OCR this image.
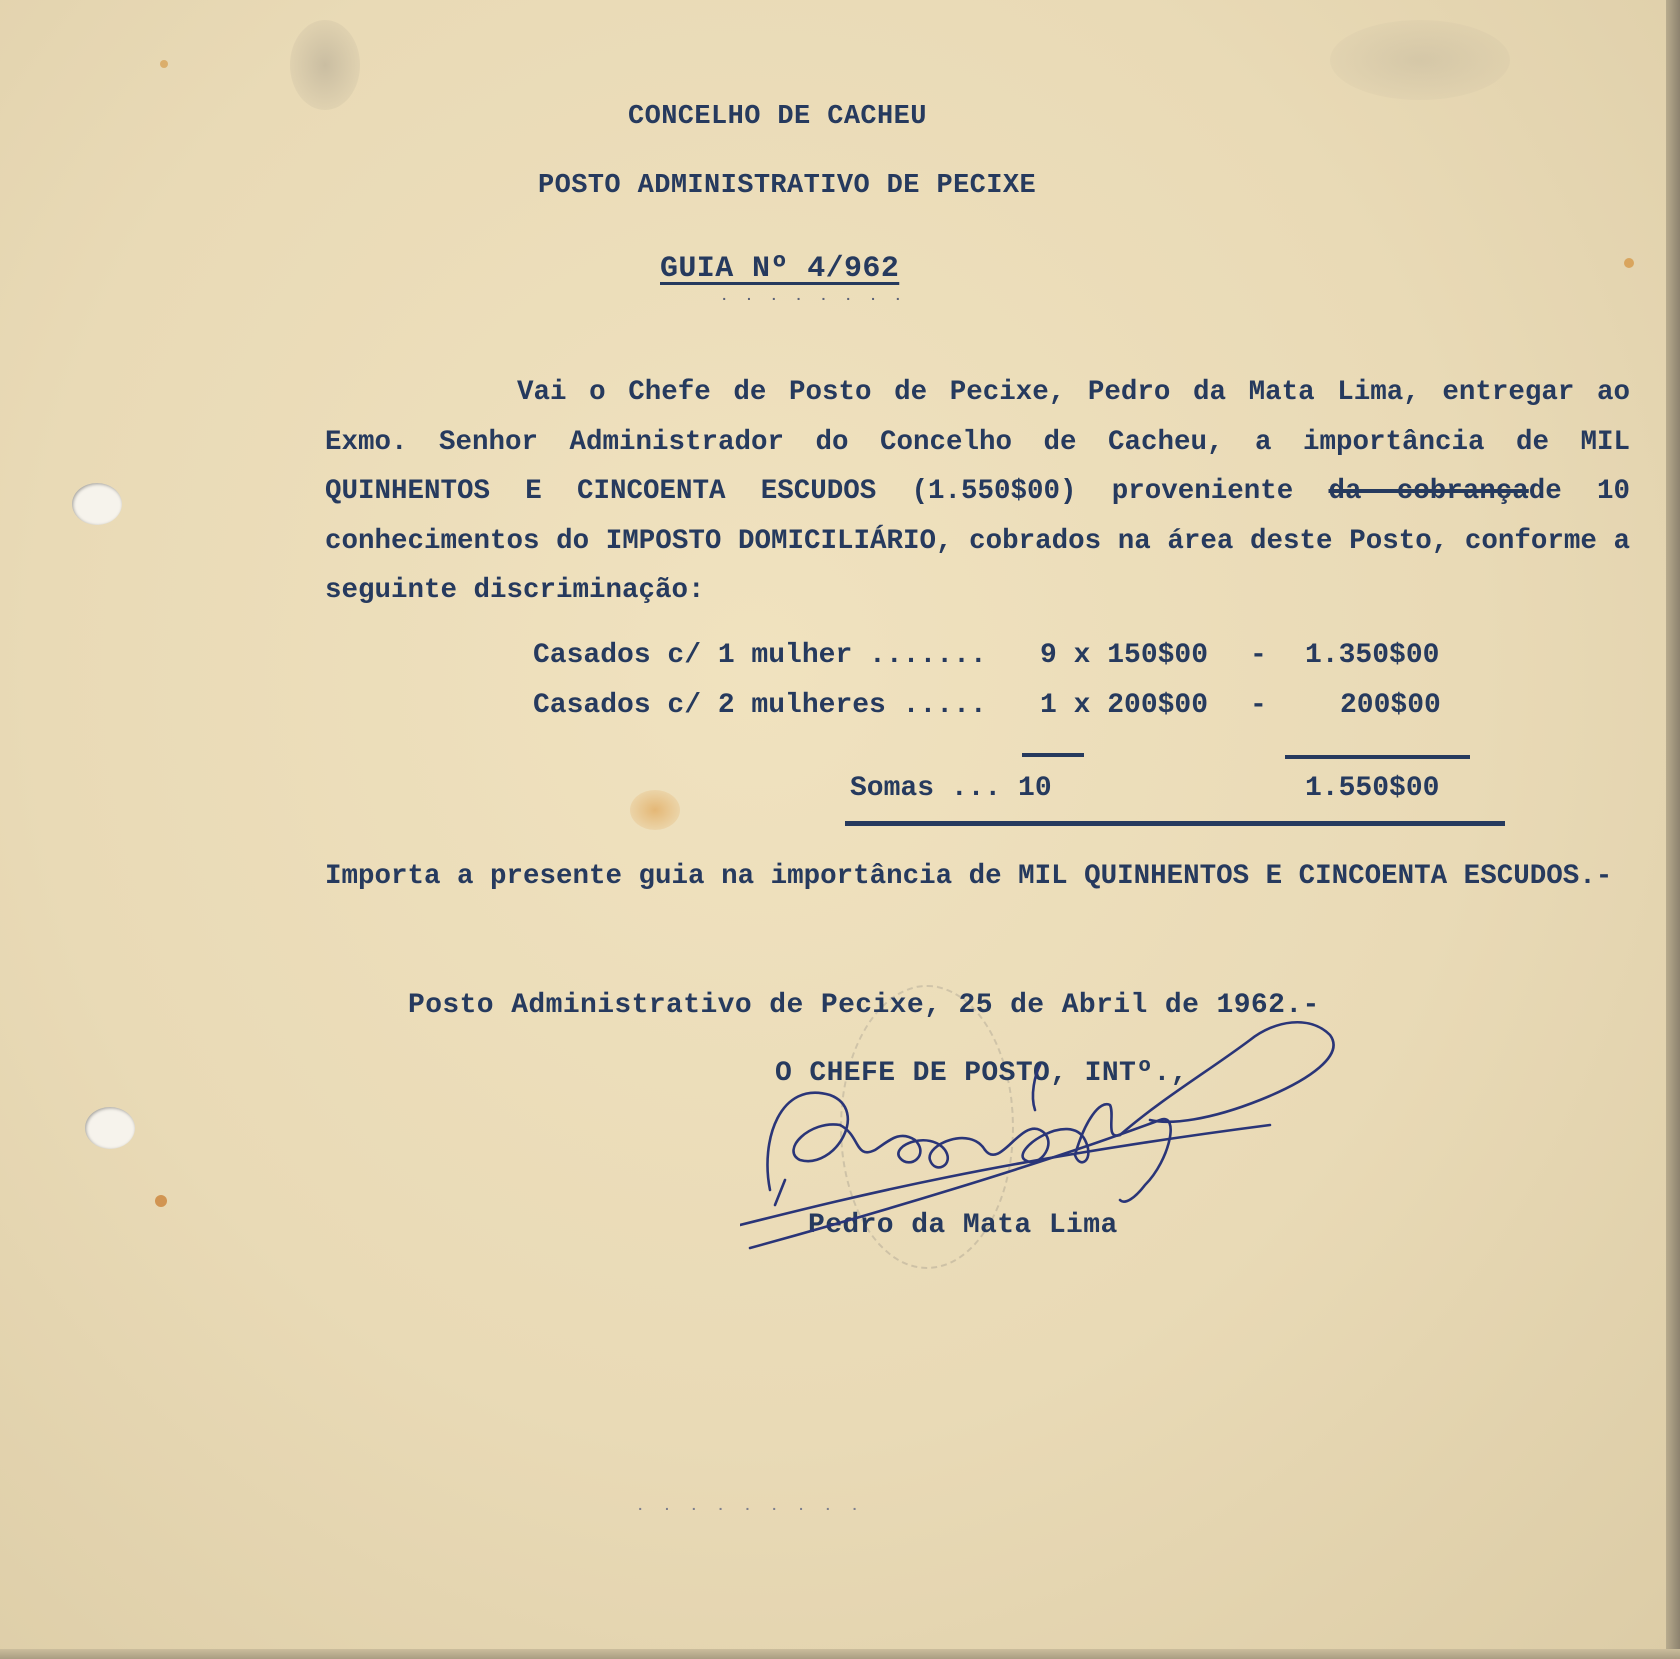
CONCELHO DE CACHEU
POSTO ADMINISTRATIVO DE PECIXE
GUIA Nº 4/962
· · · · · · · ·
Vai o Chefe de Posto de Pecixe, Pedro da Mata Lima, entregar ao Exmo. Senhor Administrador do Concelho de Cacheu, a importância de MIL QUINHENTOS E CINCOENTA ESCUDOS (1.550$00) proveniente da cobrançade 10 conhecimentos do IMPOSTO DOMICILIÁRIO, cobrados na área deste Posto, conforme a seguinte discriminação:
Casados c/ 1 mulher ....... 9 x 150$00 - 1.350$00
Casados c/ 2 mulheres ..... 1 x 200$00 -	200$00
Somas ... 10	1.550$00
Importa a presente guia na importância de MIL QUINHENTOS E CINCOENTA ESCUDOS.-
Posto Administrativo de Pecixe, 25 de Abril de 1962.-
O CHEFE DE POSTO, INTº.,
Pedro da Mata Lima
· · · · · · · · ·
